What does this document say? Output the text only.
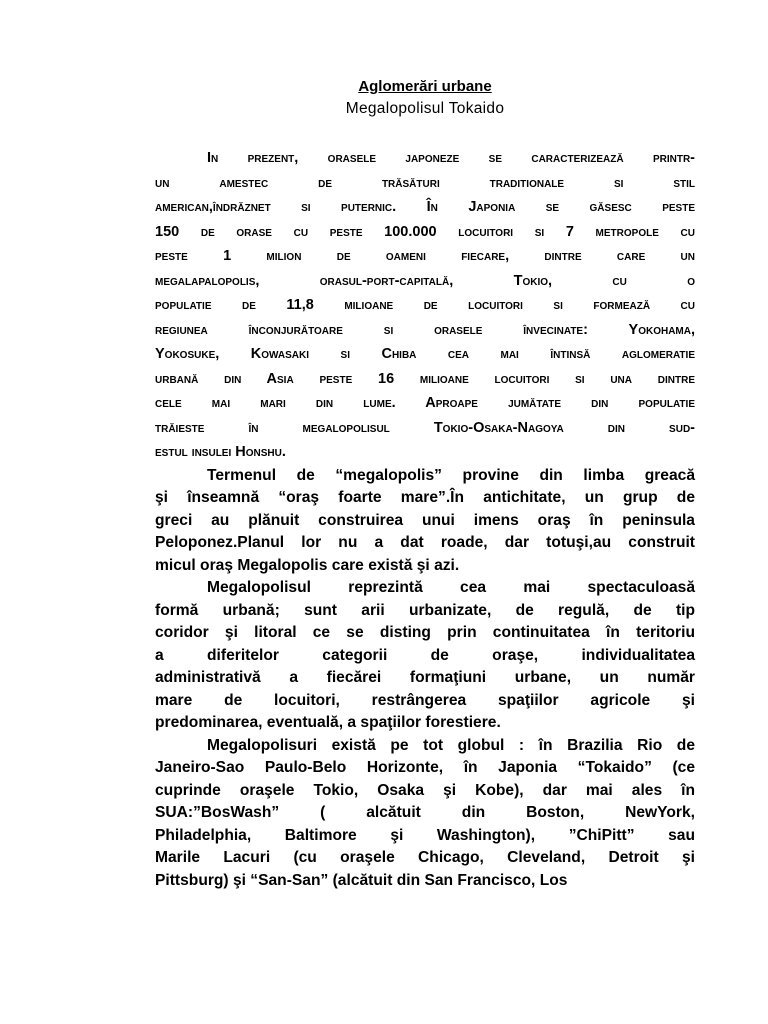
Aglomerări urbane

Megalopolisul Tokaido

In prezent, orasele japoneze se caracterizează printr-

un amestec de trăsături traditionale si stil

american,îndrăznet si puternic. În Japonia se găsesc peste

150 de orase cu peste 100.000 locuitori si 7 metropole cu

peste 1 milion de oameni fiecare, dintre care un

megalapalopolis, orasul-port-capitală, Tokio, cu o

populatie de 11,8 milioane de locuitori si formează cu

regiunea înconjurătoare si orasele învecinate: Yokohama,

Yokosuke, Kowasaki si Chiba cea mai întinsă aglomeratie

urbană din Asia peste 16 milioane locuitori si una dintre

cele mai mari din lume. Aproape jumătate din populatie

trăieste în megalopolisul Tokio-Osaka-Nagoya din sud-

estul insulei Honshu.

Termenul de “megalopolis” provine din limba greacă
şi înseamnă “oraş foarte mare”.În antichitate, un grup de
greci au plănuit construirea unui imens oraş în peninsula
Peloponez.Planul lor nu a dat roade, dar totuşi,au construit
micul oraş Megalopolis care există şi azi.
Megalopolisul reprezintă cea mai spectaculoasă
formă urbană; sunt arii urbanizate, de regulă, de tip
coridor şi litoral ce se disting prin continuitatea în teritoriu
a diferitelor categorii de oraşe, individualitatea
administrativă a fiecărei formaţiuni urbane, un număr
mare de locuitori, restrângerea spaţiilor agricole şi
predominarea, eventuală, a spaţiilor forestiere.
Megalopolisuri există pe tot globul : în Brazilia Rio de
Janeiro-Sao Paulo-Belo Horizonte, în Japonia “Tokaido” (ce
cuprinde oraşele Tokio, Osaka şi Kobe), dar mai ales în
SUA:”BosWash” ( alcătuit din Boston, NewYork,
Philadelphia, Baltimore şi Washington), ”ChiPitt” sau
Marile Lacuri (cu oraşele Chicago, Cleveland, Detroit şi
Pittsburg) şi “San-San” (alcătuit din San Francisco, Los
